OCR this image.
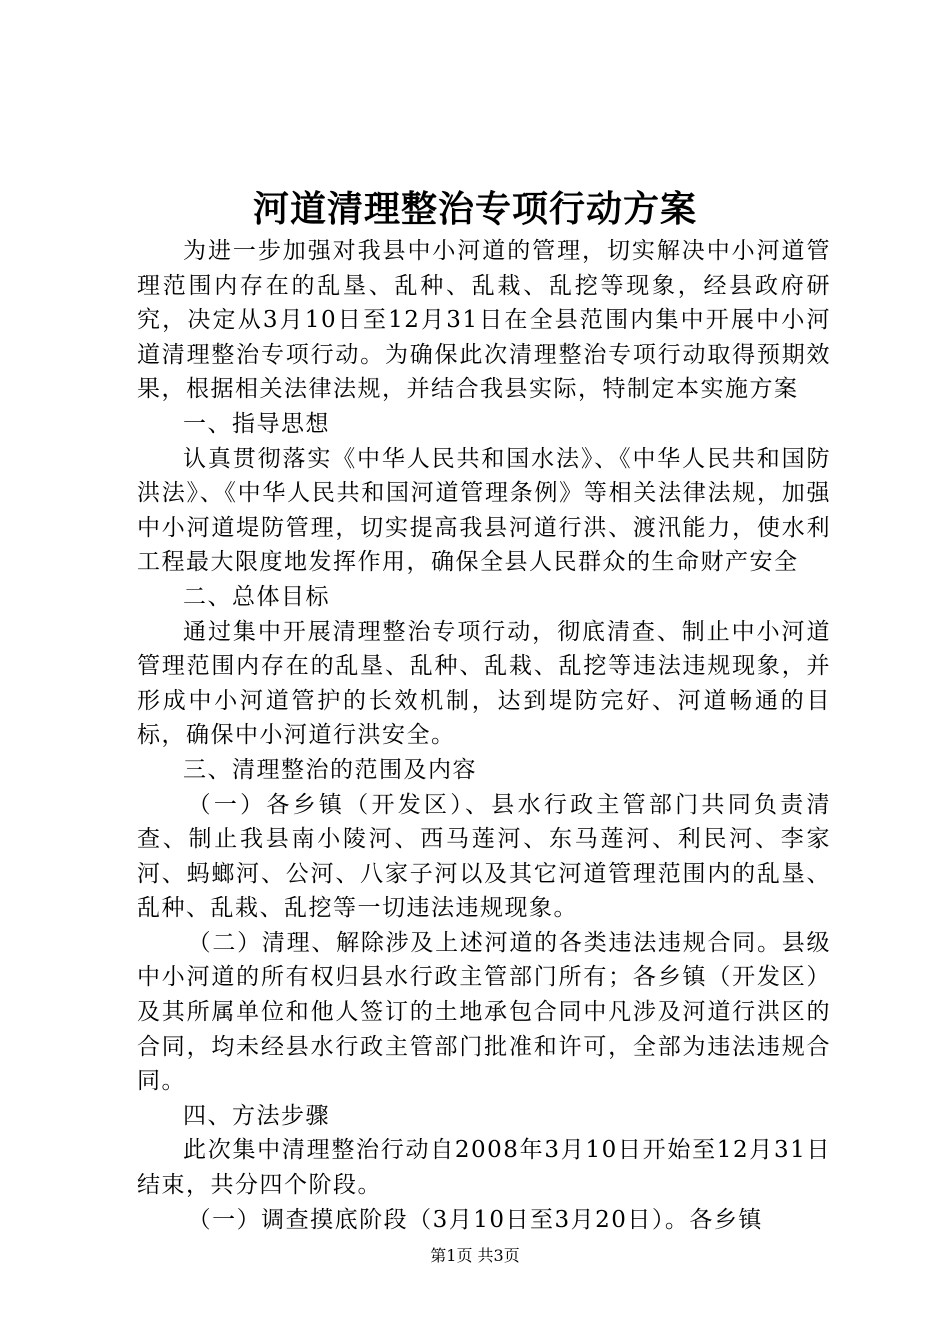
河道清理整治专项行动方案

为进一步加强对我县中小河道的管理，切实解决中小河道管理范围内存在的乱垦、乱种、乱栽、乱挖等现象，经县政府研究，决定从3月10日至12月31日在全县范围内集中开展中小河道清理整治专项行动。为确保此次清理整治专项行动取得预期效果，根据相关法律法规，并结合我县实际，特制定本实施方案

一、指导思想

认真贯彻落实《中华人民共和国水法》、《中华人民共和国防洪法》、《中华人民共和国河道管理条例》等相关法律法规，加强中小河道堤防管理，切实提高我县河道行洪、渡汛能力，使水利工程最大限度地发挥作用，确保全县人民群众的生命财产安全

二、总体目标

通过集中开展清理整治专项行动，彻底清查、制止中小河道管理范围内存在的乱垦、乱种、乱栽、乱挖等违法违规现象，并形成中小河道管护的长效机制，达到堤防完好、河道畅通的目标，确保中小河道行洪安全。

三、清理整治的范围及内容

（一）各乡镇（开发区）、县水行政主管部门共同负责清查、制止我县南小陵河、西马莲河、东马莲河、利民河、李家河、蚂螂河、公河、八家子河以及其它河道管理范围内的乱垦、乱种、乱栽、乱挖等一切违法违规现象。

（二）清理、解除涉及上述河道的各类违法违规合同。县级中小河道的所有权归县水行政主管部门所有；各乡镇（开发区）及其所属单位和他人签订的土地承包合同中凡涉及河道行洪区的合同，均未经县水行政主管部门批准和许可，全部为违法违规合同。

四、方法步骤

此次集中清理整治行动自2008年3月10日开始至12月31日结束，共分四个阶段。

（一）调查摸底阶段（3月10日至3月20日）。各乡镇

第1页 共3页
